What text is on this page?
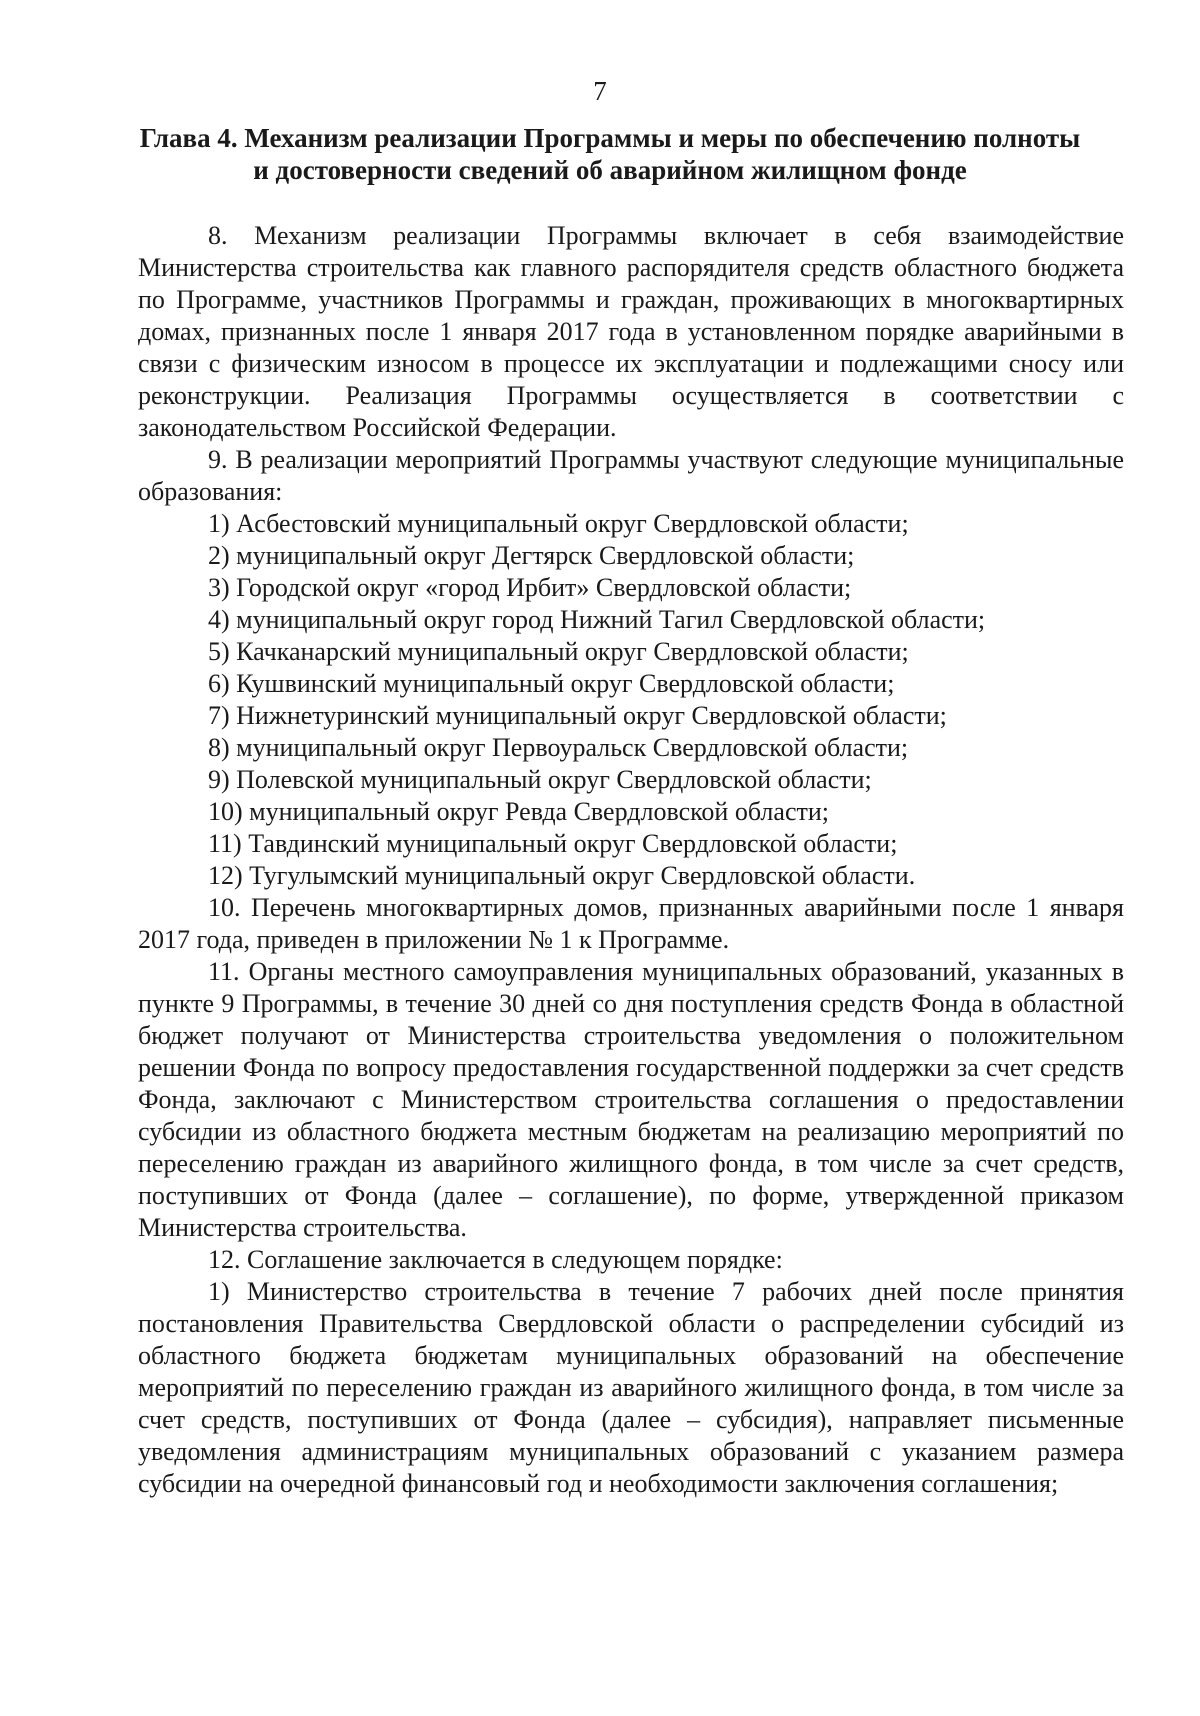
7
Глава 4. Механизм реализации Программы и меры по обеспечению полноты
и достоверности сведений об аварийном жилищном фонде

8. Механизм реализации Программы включает в себя взаимодействие Министерства строительства как главного распорядителя средств областного бюджета по Программе, участников Программы и граждан, проживающих в многоквартирных домах, признанных после 1 января 2017 года в установленном порядке аварийными в связи с физическим износом в процессе их эксплуатации и подлежащими сносу или реконструкции. Реализация Программы осуществляется в соответствии с законодательством Российской Федерации.

9. В реализации мероприятий Программы участвуют следующие муниципальные образования:

1) Асбестовский муниципальный округ Свердловской области;

2) муниципальный округ Дегтярск Свердловской области;

3) Городской округ «город Ирбит» Свердловской области;

4) муниципальный округ город Нижний Тагил Свердловской области;

5) Качканарский муниципальный округ Свердловской области;

6) Кушвинский муниципальный округ Свердловской области;

7) Нижнетуринский муниципальный округ Свердловской области;

8) муниципальный округ Первоуральск Свердловской области;

9) Полевской муниципальный округ Свердловской области;

10) муниципальный округ Ревда Свердловской области;

11) Тавдинский муниципальный округ Свердловской области;

12) Тугулымский муниципальный округ Свердловской области.

10. Перечень многоквартирных домов, признанных аварийными после 1 января 2017 года, приведен в приложении № 1 к Программе.

11. Органы местного самоуправления муниципальных образований, указанных в пункте 9 Программы, в течение 30 дней со дня поступления средств Фонда в областной бюджет получают от Министерства строительства уведомления о положительном решении Фонда по вопросу предоставления государственной поддержки за счет средств Фонда, заключают с Министерством строительства соглашения о предоставлении субсидии из областного бюджета местным бюджетам на реализацию мероприятий по переселению граждан из аварийного жилищного фонда, в том числе за счет средств, поступивших от Фонда (далее – соглашение), по форме, утвержденной приказом Министерства строительства.

12. Соглашение заключается в следующем порядке:

1) Министерство строительства в течение 7 рабочих дней после принятия постановления Правительства Свердловской области о распределении субсидий из областного бюджета бюджетам муниципальных образований на обеспечение мероприятий по переселению граждан из аварийного жилищного фонда, в том числе за счет средств, поступивших от Фонда (далее – субсидия), направляет письменные уведомления администрациям муниципальных образований с указанием размера субсидии на очередной финансовый год и необходимости заключения соглашения;
